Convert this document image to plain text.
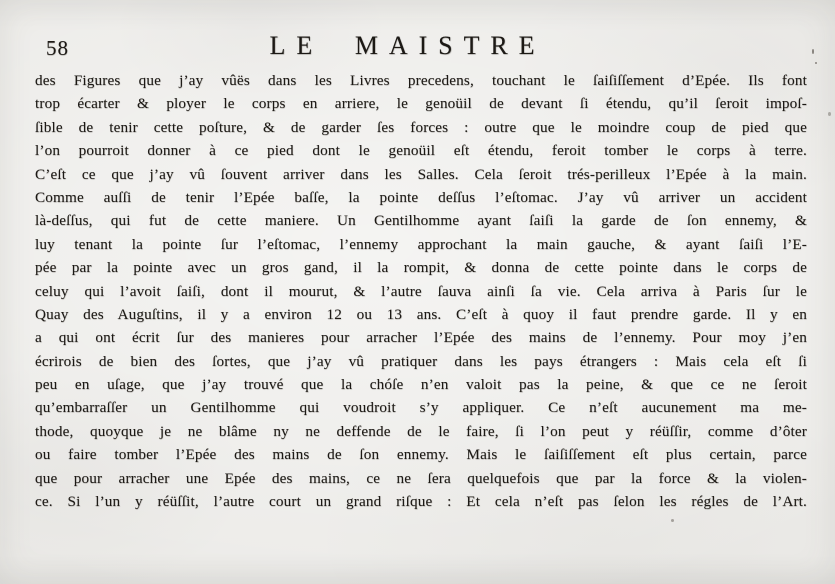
58	LE MAISTRE
des Figures que j’ay vûës dans les Livres precedens, touchant le ſaiſiſſement d’Epée. Ils font
trop écarter & ployer le corps en arriere, le genoüil de devant ſi étendu, qu’il ſeroit impoſ-
ſible de tenir cette poſture, & de garder ſes forces : outre que le moindre coup de pied que
l’on pourroit donner à ce pied dont le genoüil eſt étendu, feroit tomber le corps à terre.
C’eſt ce que j’ay vû ſouvent arriver dans les Salles. Cela ſeroit trés-perilleux l’Epée à la main.
Comme auſſi de tenir l’Epée baſſe, la pointe deſſus l’eſtomac. J’ay vû arriver un accident
là-deſſus, qui fut de cette maniere. Un Gentilhomme ayant ſaiſi la garde de ſon ennemy, &
luy tenant la pointe ſur l’eſtomac, l’ennemy approchant la main gauche, & ayant ſaiſi l’E-
pée par la pointe avec un gros gand, il la rompit, & donna de cette pointe dans le corps de
celuy qui l’avoit ſaiſi, dont il mourut, & l’autre ſauva ainſi ſa vie. Cela arriva à Paris ſur le
Quay des Auguſtins, il y a environ 12 ou 13 ans. C’eſt à quoy il faut prendre garde. Il y en
a qui ont écrit ſur des manieres pour arracher l’Epée des mains de l’ennemy. Pour moy j’en
écrirois de bien des ſortes, que j’ay vû pratiquer dans les pays étrangers : Mais cela eſt ſi
peu en uſage, que j’ay trouvé que la chóſe n’en valoit pas la peine, & que ce ne ſeroit
qu’embarraſſer un Gentilhomme qui voudroit s’y appliquer. Ce n’eſt aucunement ma me-
thode, quoyque je ne blâme ny ne deffende de le faire, ſi l’on peut y réüſſir, comme d’ôter
ou faire tomber l’Epée des mains de ſon ennemy. Mais le ſaiſiſſement eſt plus certain, parce
que pour arracher une Epée des mains, ce ne ſera quelquefois que par la force & la violen-
ce. Si l’un y réüſſit, l’autre court un grand riſque : Et cela n’eſt pas ſelon les régles de l’Art.
